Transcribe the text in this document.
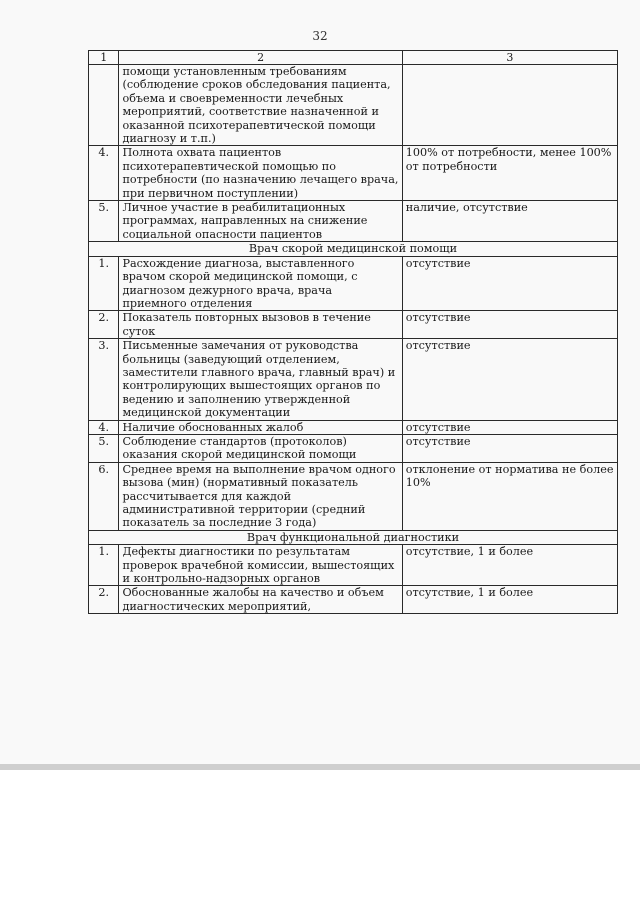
32
1	2	3
	помощи установленным требованиям (соблюдение сроков обследования пациента, объема и своевременности лечебных мероприятий, соответствие назначенной и оказанной психотерапевтической помощи диагнозу и т.п.)	
4.	Полнота охвата пациентов психотерапевтической помощью по потребности (по назначению лечащего врача, при первичном поступлении)	100% от потребности, менее 100% от потребности
5.	Личное участие в реабилитационных программах, направленных на снижение социальной опасности пациентов	наличие, отсутствие
Врач скорой медицинской помощи		
1.	Расхождение диагноза, выставленного врачом скорой медицинской помощи, с диагнозом дежурного врача, врача приемного отделения	отсутствие
2.	Показатель повторных вызовов в течение суток	отсутствие
3.	Письменные замечания от руководства больницы (заведующий отделением, заместители главного врача, главный врач) и контролирующих вышестоящих органов по ведению и заполнению утвержденной медицинской документации	отсутствие
4.	Наличие обоснованных жалоб	отсутствие
5.	Соблюдение стандартов (протоколов) оказания скорой медицинской помощи	отсутствие
6.	Среднее время на выполнение врачом одного вызова (мин) (нормативный показатель рассчитывается для каждой административной территории (средний показатель за последние 3 года)	отклонение от норматива не более 10%
Врач функциональной диагностики		
1.	Дефекты диагностики по результатам проверок врачебной комиссии, вышестоящих и контрольно-надзорных органов	отсутствие, 1 и более
2.	Обоснованные жалобы на качество и объем диагностических мероприятий,	отсутствие, 1 и более
